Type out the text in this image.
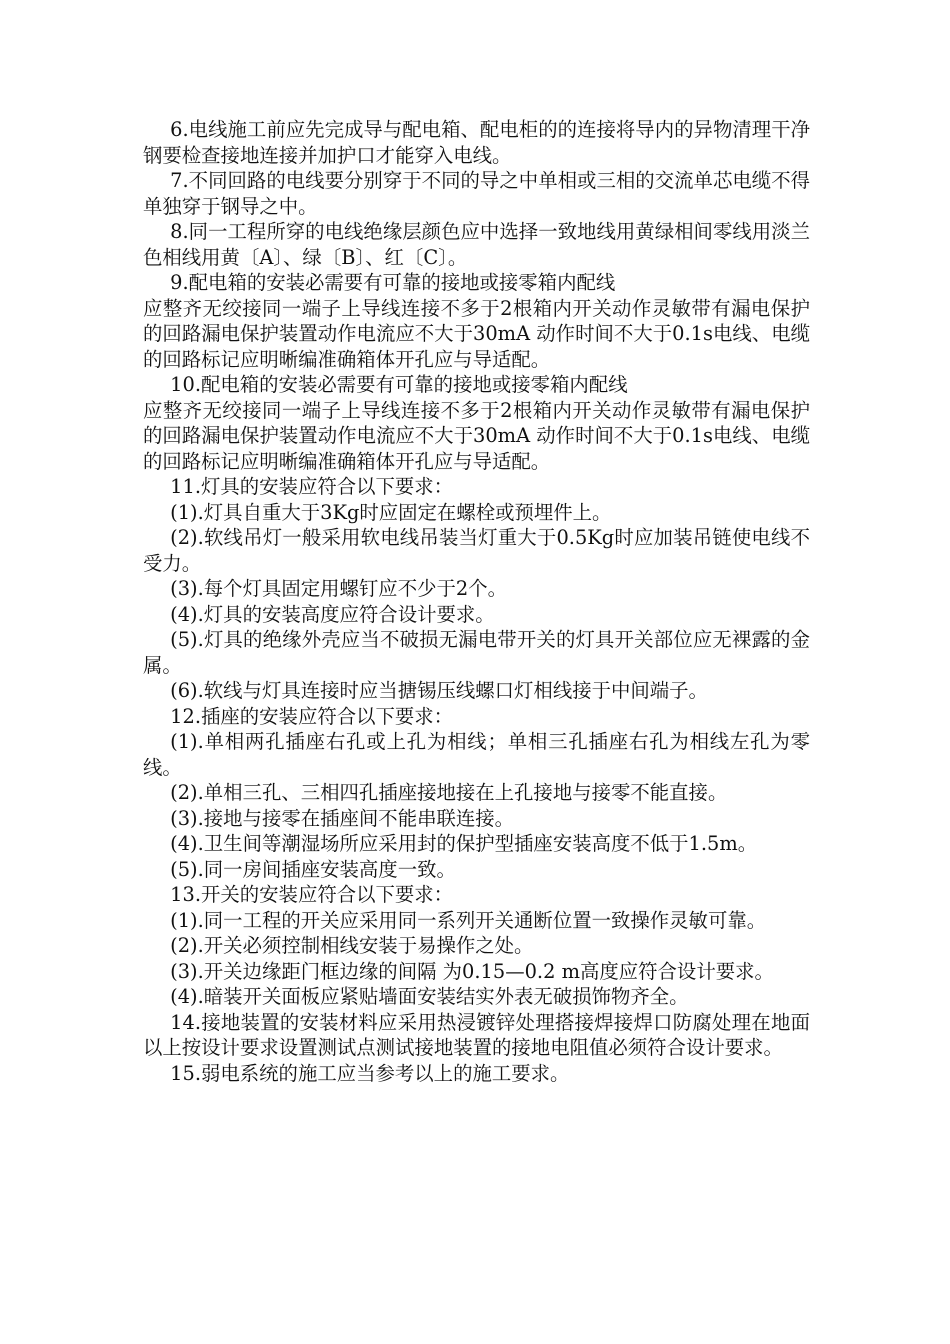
6.电线施工前应先完成导与配电箱、配电柜的的连接将导内的异物清理干净钢要检查接地连接并加护口才能穿入电线。

7.不同回路的电线要分别穿于不同的导之中单相或三相的交流单芯电缆不得单独穿于钢导之中。

8.同一工程所穿的电线绝缘层颜色应中选择一致地线用黄绿相间零线用淡兰色相线用黄〔A〕、绿〔B〕、红〔C〕。

9.配电箱的安装必需要有可靠的接地或接零箱内配线

应整齐无绞接同一端子上导线连接不多于2根箱内开关动作灵敏带有漏电保护的回路漏电保护装置动作电流应不大于30mA 动作时间不大于0.1s电线、电缆的回路标记应明晰编准确箱体开孔应与导适配。

10.配电箱的安装必需要有可靠的接地或接零箱内配线

应整齐无绞接同一端子上导线连接不多于2根箱内开关动作灵敏带有漏电保护的回路漏电保护装置动作电流应不大于30mA 动作时间不大于0.1s电线、电缆的回路标记应明晰编准确箱体开孔应与导适配。

11.灯具的安装应符合以下要求：

(1).灯具自重大于3Kg时应固定在螺栓或预埋件上。

(2).软线吊灯一般采用软电线吊装当灯重大于0.5Kg时应加装吊链使电线不受力。

(3).每个灯具固定用螺钉应不少于2个。

(4).灯具的安装高度应符合设计要求。

(5).灯具的绝缘外壳应当不破损无漏电带开关的灯具开关部位应无裸露的金属。

(6).软线与灯具连接时应当搪锡压线螺口灯相线接于中间端子。

12.插座的安装应符合以下要求：

(1).单相两孔插座右孔或上孔为相线；单相三孔插座右孔为相线左孔为零线。

(2).单相三孔、三相四孔插座接地接在上孔接地与接零不能直接。

(3).接地与接零在插座间不能串联连接。

(4).卫生间等潮湿场所应采用封的保护型插座安装高度不低于1.5m。

(5).同一房间插座安装高度一致。

13.开关的安装应符合以下要求：

(1).同一工程的开关应采用同一系列开关通断位置一致操作灵敏可靠。

(2).开关必须控制相线安装于易操作之处。

(3).开关边缘距门框边缘的间隔 为0.15—0.2 m高度应符合设计要求。

(4).暗装开关面板应紧贴墙面安装结实外表无破损饰物齐全。

14.接地装置的安装材料应采用热浸镀锌处理搭接焊接焊口防腐处理在地面以上按设计要求设置测试点测试接地装置的接地电阻值必须符合设计要求。

15.弱电系统的施工应当参考以上的施工要求。
